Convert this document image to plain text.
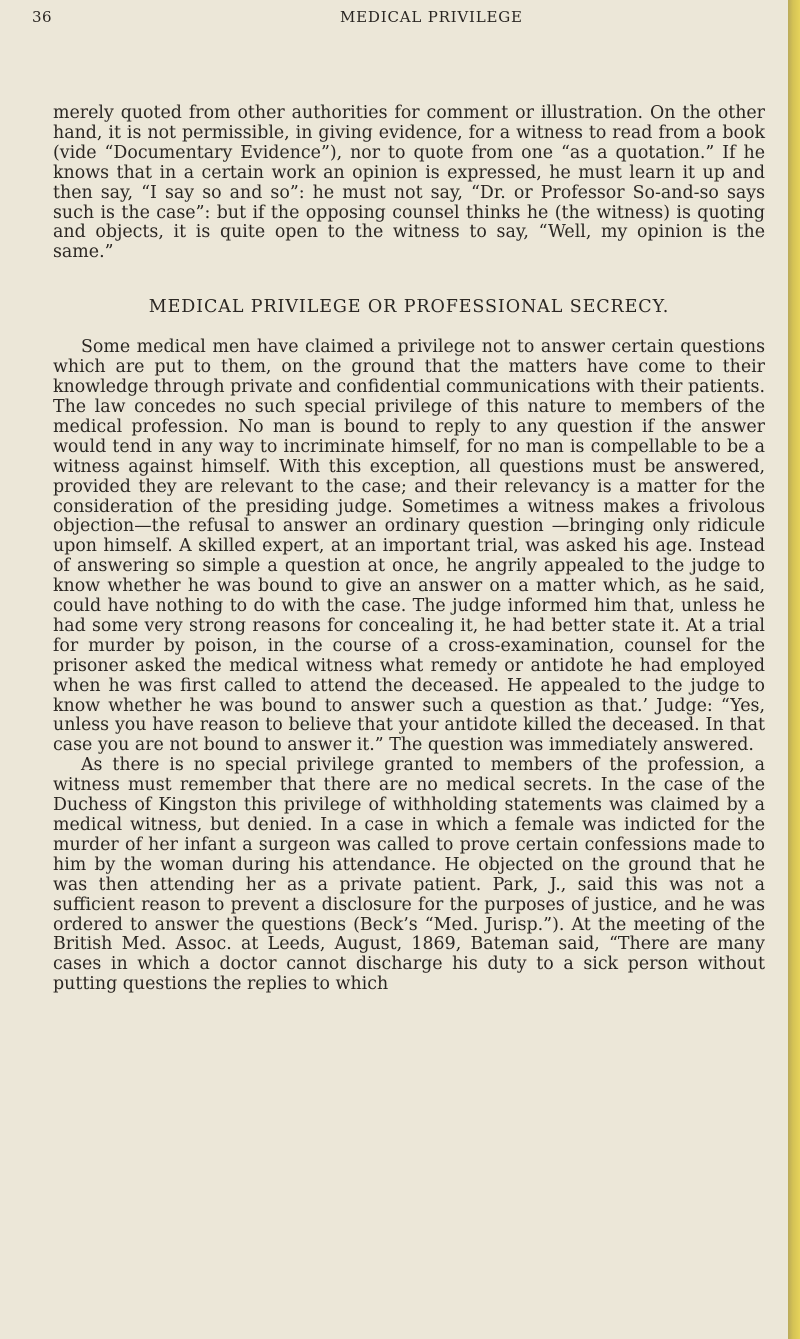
36	MEDICAL PRIVILEGE

merely quoted from other authorities for comment or illustration. On the other hand, it is not permissible, in giving evidence, for a witness to read from a book (vide “Documentary Evidence”), nor to quote from one “as a quotation.” If he knows that in a certain work an opinion is expressed, he must learn it up and then say, “I say so and so”: he must not say, “Dr. or Professor So-and-so says such is the case”: but if the opposing counsel thinks he (the witness) is quoting and objects, it is quite open to the witness to say, “Well, my opinion is the same.”

MEDICAL PRIVILEGE OR PROFESSIONAL SECRECY.

Some medical men have claimed a privilege not to answer certain questions which are put to them, on the ground that the matters have come to their knowledge through private and confidential communications with their patients. The law concedes no such special privilege of this nature to members of the medical profession. No man is bound to reply to any question if the answer would tend in any way to incriminate himself, for no man is compellable to be a witness against himself. With this exception, all questions must be answered, provided they are relevant to the case; and their relevancy is a matter for the consideration of the presiding judge. Sometimes a witness makes a frivolous objection—the refusal to answer an ordinary question —bringing only ridicule upon himself. A skilled expert, at an important trial, was asked his age. Instead of answering so simple a question at once, he angrily appealed to the judge to know whether he was bound to give an answer on a matter which, as he said, could have nothing to do with the case. The judge informed him that, unless he had some very strong reasons for concealing it, he had better state it. At a trial for murder by poison, in the course of a cross-examination, counsel for the prisoner asked the medical witness what remedy or antidote he had employed when he was first called to attend the deceased. He appealed to the judge to know whether he was bound to answer such a question as that.’ Judge: “Yes, unless you have reason to believe that your antidote killed the deceased. In that case you are not bound to answer it.” The question was immediately answered.

As there is no special privilege granted to members of the profession, a witness must remember that there are no medical secrets. In the case of the Duchess of Kingston this privilege of withholding statements was claimed by a medical witness, but denied. In a case in which a female was indicted for the murder of her infant a surgeon was called to prove certain confessions made to him by the woman during his attendance. He objected on the ground that he was then attending her as a private patient. Park, J., said this was not a sufficient reason to prevent a disclosure for the purposes of justice, and he was ordered to answer the questions (Beck’s “Med. Jurisp.”). At the meeting of the British Med. Assoc. at Leeds, August, 1869, Bateman said, “There are many cases in which a doctor cannot discharge his duty to a sick person without putting questions the replies to which
